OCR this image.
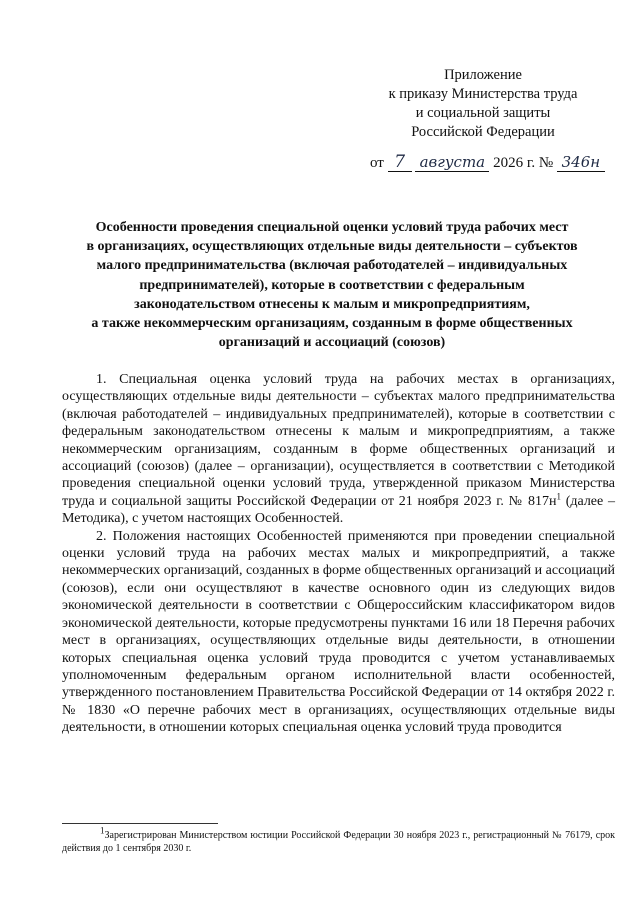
Приложение
к приказу Министерства труда
и социальной защиты
Российской Федерации
от 7 августа 2026 г. № 346н
Особенности проведения специальной оценки условий труда рабочих мест
в организациях, осуществляющих отдельные виды деятельности – субъектов
малого предпринимательства (включая работодателей – индивидуальных
предпринимателей), которые в соответствии с федеральным
законодательством отнесены к малым и микропредприятиям,
а также некоммерческим организациям, созданным в форме общественных
организаций и ассоциаций (союзов)

1. Специальная оценка условий труда на рабочих местах в организациях, осуществляющих отдельные виды деятельности – субъектах малого предпринимательства (включая работодателей – индивидуальных предпринимателей), которые в соответствии с федеральным законодательством отнесены к малым и микропредприятиям, а также некоммерческим организациям, созданным в форме общественных организаций и ассоциаций (союзов) (далее – организации), осуществляется в соответствии с Методикой проведения специальной оценки условий труда, утвержденной приказом Министерства труда и социальной защиты Российской Федерации от 21 ноября 2023 г. № $817н^1$ (далее – Методика), с учетом настоящих Особенностей.

2. Положения настоящих Особенностей применяются при проведении специальной оценки условий труда на рабочих местах малых и микропредприятий, а также некоммерческих организаций, созданных в форме общественных организаций и ассоциаций (союзов), если они осуществляют в качестве основного один из следующих видов экономической деятельности в соответствии с Общероссийским классификатором видов экономической деятельности, которые предусмотрены пунктами 16 или 18 Перечня рабочих мест в организациях, осуществляющих отдельные виды деятельности, в отношении которых специальная оценка условий труда проводится с учетом устанавливаемых уполномоченным федеральным органом исполнительной власти особенностей, утвержденного постановлением Правительства Российской Федерации от 14 октября 2022 г. № 1830 «О перечне рабочих мест в организациях, осуществляющих отдельные виды деятельности, в отношении которых специальная оценка условий труда проводится

$^1$Зарегистрирован Министерством юстиции Российской Федерации 30 ноября 2023 г., регистрационный № 76179, срок действия до 1 сентября 2030 г.
